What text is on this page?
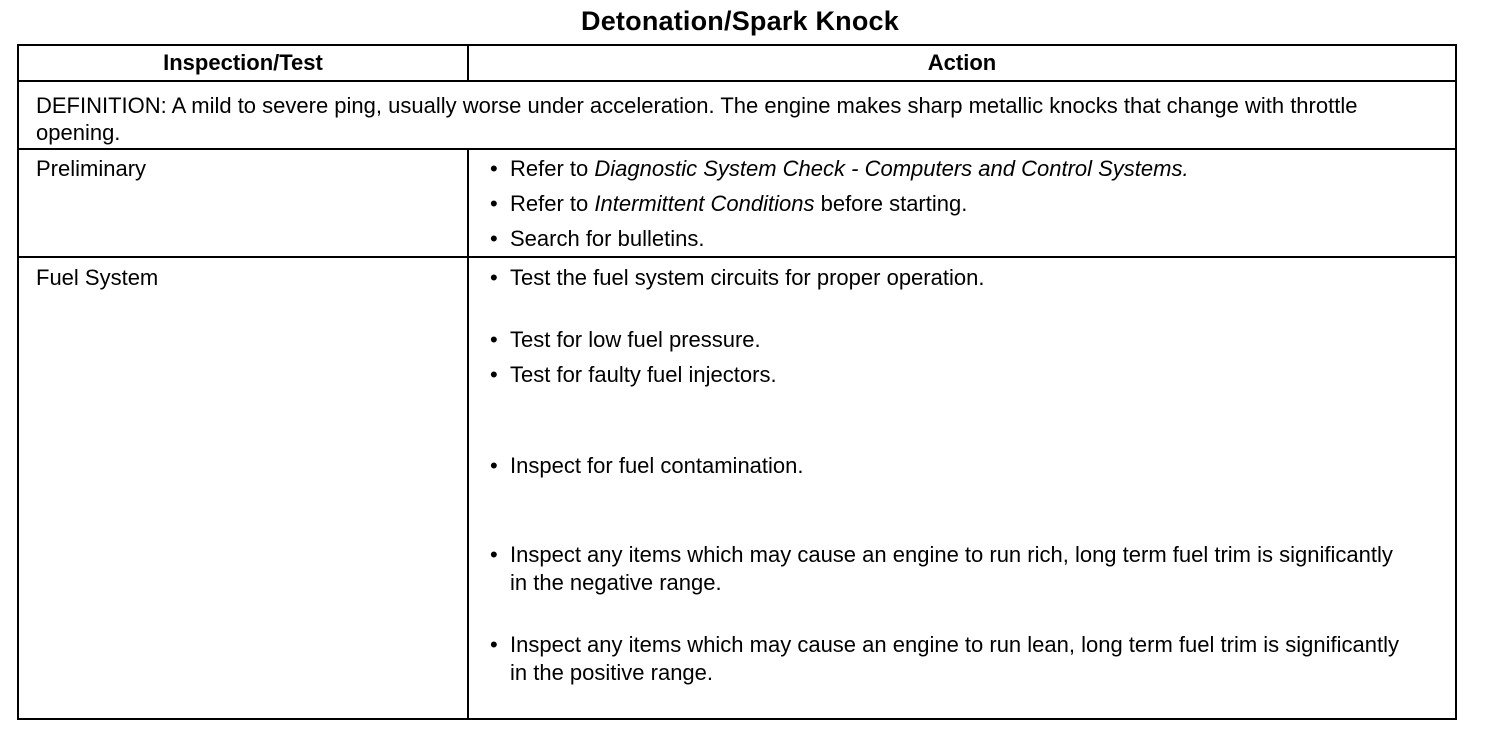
Detonation/Spark Knock
Inspection/Test	Action
DEFINITION: A mild to severe ping, usually worse under acceleration. The engine makes sharp metallic knocks that change with throttle opening.
Preliminary
Fuel System
• Refer to Diagnostic System Check - Computers and Control Systems.
• Refer to Intermittent Conditions before starting.
• Search for bulletins.
• Test the fuel system circuits for proper operation.
• Test for low fuel pressure.
• Test for faulty fuel injectors.
• Inspect for fuel contamination.
• Inspect any items which may cause an engine to run rich, long term fuel trim is significantly in the negative range.
• Inspect any items which may cause an engine to run lean, long term fuel trim is significantly in the positive range.
